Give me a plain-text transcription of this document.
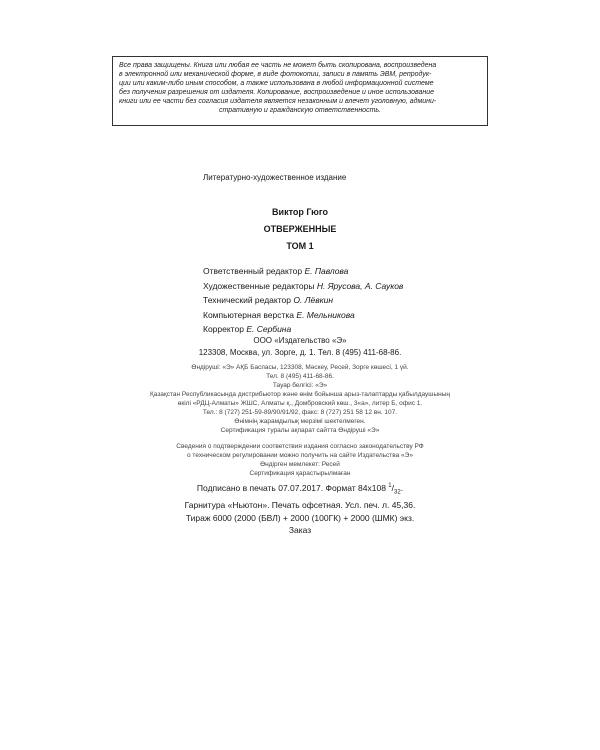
Все права защищены. Книга или любая ее часть не может быть скопирована, воспроизведена
в электронной или механической форме, в виде фотокопии, записи в память ЭВМ, репродук-
ции или каким-либо иным способом, а также использована в любой информационной системе
без получения разрешения от издателя. Копирование, воспроизведение и иное использование
книги или ее части без согласия издателя является незаконным и влечет уголовную, админи-
стративную и гражданскую ответственность.
Литературно-художественное издание
Виктор Гюго
ОТВЕРЖЕННЫЕ
ТОМ 1
Ответственный редактор Е. Павлова
Художественные редакторы Н. Ярусова, А. Сауков
Технический редактор О. Лёвкин
Компьютерная верстка Е. Мельникова
Корректор Е. Сербина
ООО «Издательство «Э»
123308, Москва, ул. Зорге, д. 1. Тел. 8 (495) 411-68-86.
Өндіруші: «Э» АҚБ Баспасы, 123308, Мәскеу, Ресей, Зорге көшесі, 1 үй.
Тел. 8 (495) 411-68-86.
Тауар белгісі: «Э»
Қазақстан Республикасында дистрибьютор және өнім бойынша арыз-талаптарды қабылдаушының
өкілі «РДЦ-Алматы» ЖШС, Алматы қ., Домбровский көш., 3«а», литер Б, офис 1.
Тел.: 8 (727) 251-59-89/90/91/92, факс: 8 (727) 251 58 12 вн. 107.
Өнімнің жарамдылық мерзімі шектелмеген.
Сертификация туралы ақпарат сайтта Өндіруші «Э»
Сведения о подтверждении соответствия издания согласно законодательству РФ
о техническом регулировании можно получить на сайте Издательства «Э»
Өндірген мемлекет: Ресей
Сертификация қарастырылмаған
Подписано в печать 07.07.2017. Формат 84x108 $^1/_{32}$.
Гарнитура «Ньютон». Печать офсетная. Усл. печ. л. 45,36.
Тираж 6000 (2000 (БВЛ) + 2000 (100ГК) + 2000 (ШМК) экз.
Заказ
